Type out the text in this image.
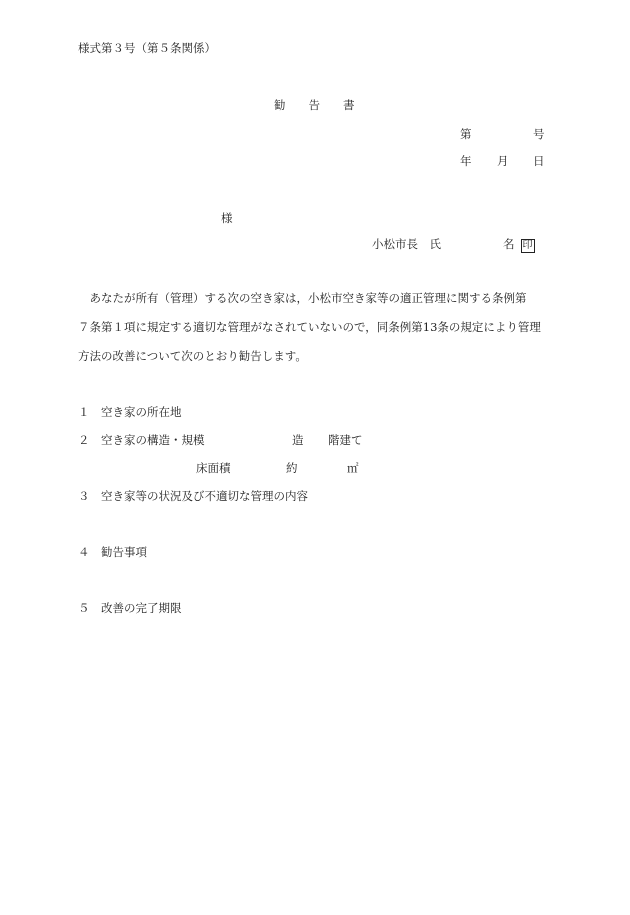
様式第３号（第５条関係）
勧　　告　　書
第	号
年 月 日
様
小松市長　氏	名 印

　あなたが所有（管理）する次の空き家は，小松市空き家等の適正管理に関する条例第

７条第１項に規定する適切な管理がなされていないので，同条例第13条の規定により管理

方法の改善について次のとおり勧告します。

１　空き家の所在地
２　空き家の構造・規模	造 階建て
床面積	約	㎡
３　空き家等の状況及び不適切な管理の内容
４　勧告事項
５　改善の完了期限
